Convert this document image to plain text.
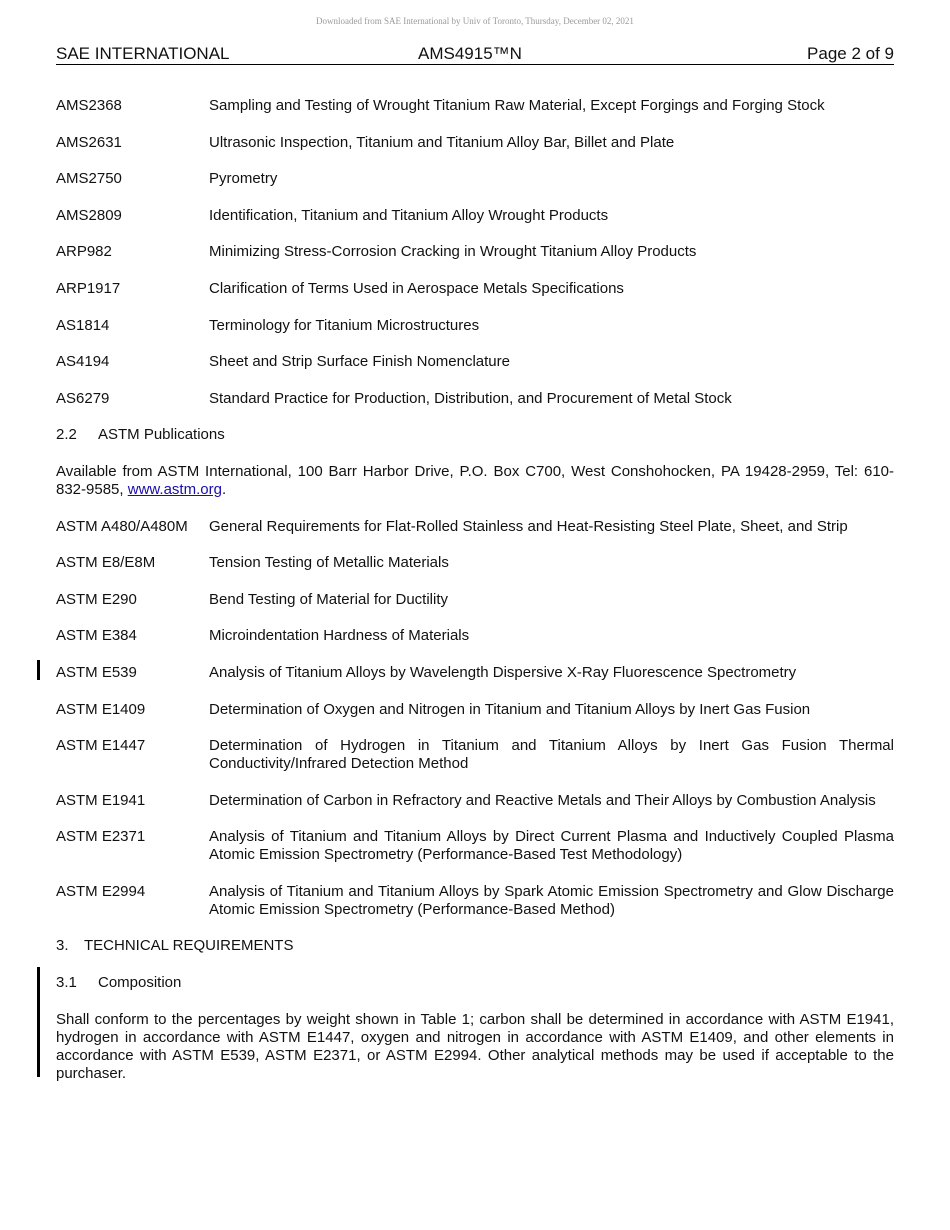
Downloaded from SAE International by Univ of Toronto, Thursday, December 02, 2021
SAE INTERNATIONAL	AMS4915™N	Page 2 of 9
AMS2368	Sampling and Testing of Wrought Titanium Raw Material, Except Forgings and Forging Stock
AMS2631	Ultrasonic Inspection, Titanium and Titanium Alloy Bar, Billet and Plate
AMS2750	Pyrometry
AMS2809	Identification, Titanium and Titanium Alloy Wrought Products
ARP982	Minimizing Stress-Corrosion Cracking in Wrought Titanium Alloy Products
ARP1917	Clarification of Terms Used in Aerospace Metals Specifications
AS1814	Terminology for Titanium Microstructures
AS4194	Sheet and Strip Surface Finish Nomenclature
AS6279	Standard Practice for Production, Distribution, and Procurement of Metal Stock
2.2 ASTM Publications
Available from ASTM International, 100 Barr Harbor Drive, P.O. Box C700, West Conshohocken, PA 19428-2959, Tel: 610-832-9585, www.astm.org.
ASTM A480/A480M	General Requirements for Flat-Rolled Stainless and Heat-Resisting Steel Plate, Sheet, and Strip
ASTM E8/E8M	Tension Testing of Metallic Materials
ASTM E290	Bend Testing of Material for Ductility
ASTM E384	Microindentation Hardness of Materials
ASTM E539	Analysis of Titanium Alloys by Wavelength Dispersive X-Ray Fluorescence Spectrometry
ASTM E1409	Determination of Oxygen and Nitrogen in Titanium and Titanium Alloys by Inert Gas Fusion
ASTM E1447	Determination of Hydrogen in Titanium and Titanium Alloys by Inert Gas Fusion Thermal Conductivity/Infrared Detection Method
ASTM E1941	Determination of Carbon in Refractory and Reactive Metals and Their Alloys by Combustion Analysis
ASTM E2371	Analysis of Titanium and Titanium Alloys by Direct Current Plasma and Inductively Coupled Plasma Atomic Emission Spectrometry (Performance-Based Test Methodology)
ASTM E2994	Analysis of Titanium and Titanium Alloys by Spark Atomic Emission Spectrometry and Glow Discharge Atomic Emission Spectrometry (Performance-Based Method)
3. TECHNICAL REQUIREMENTS
3.1 Composition
Shall conform to the percentages by weight shown in Table 1; carbon shall be determined in accordance with ASTM E1941, hydrogen in accordance with ASTM E1447, oxygen and nitrogen in accordance with ASTM E1409, and other elements in accordance with ASTM E539, ASTM E2371, or ASTM E2994. Other analytical methods may be used if acceptable to the purchaser.
